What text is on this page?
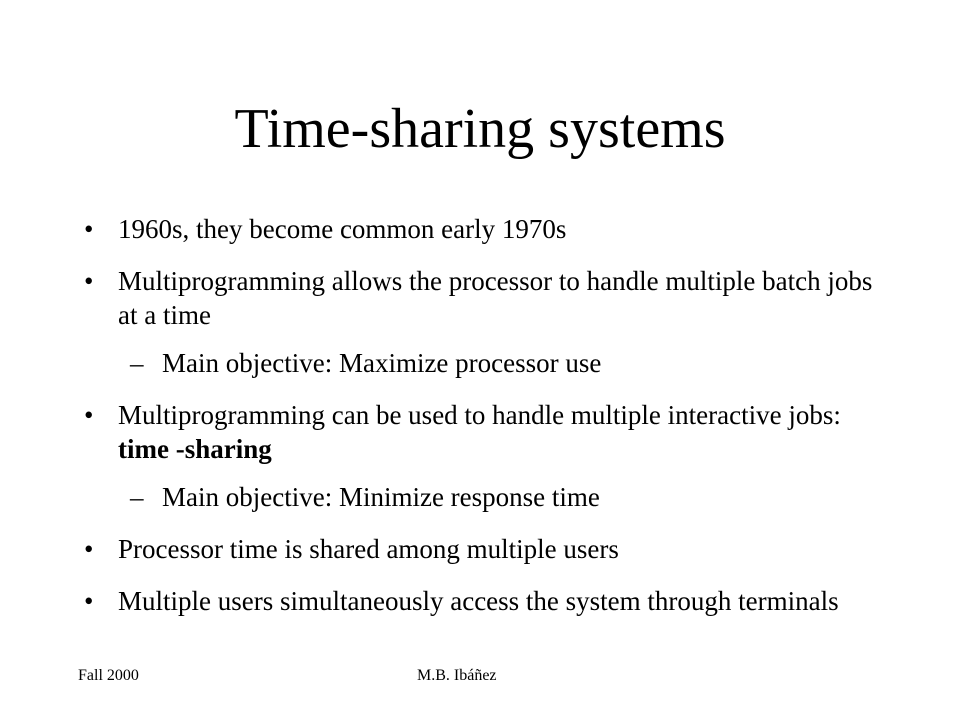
Time-sharing systems
• 1960s, they become common early 1970s
• Multiprogramming allows the processor to handle multiple batch jobs at a time
– Main objective: Maximize processor use
• Multiprogramming can be used to handle multiple interactive jobs: time -sharing
– Main objective: Minimize response time
• Processor time is shared among multiple users
• Multiple users simultaneously access the system through terminals
Fall 2000	M.B. Ibáñez
